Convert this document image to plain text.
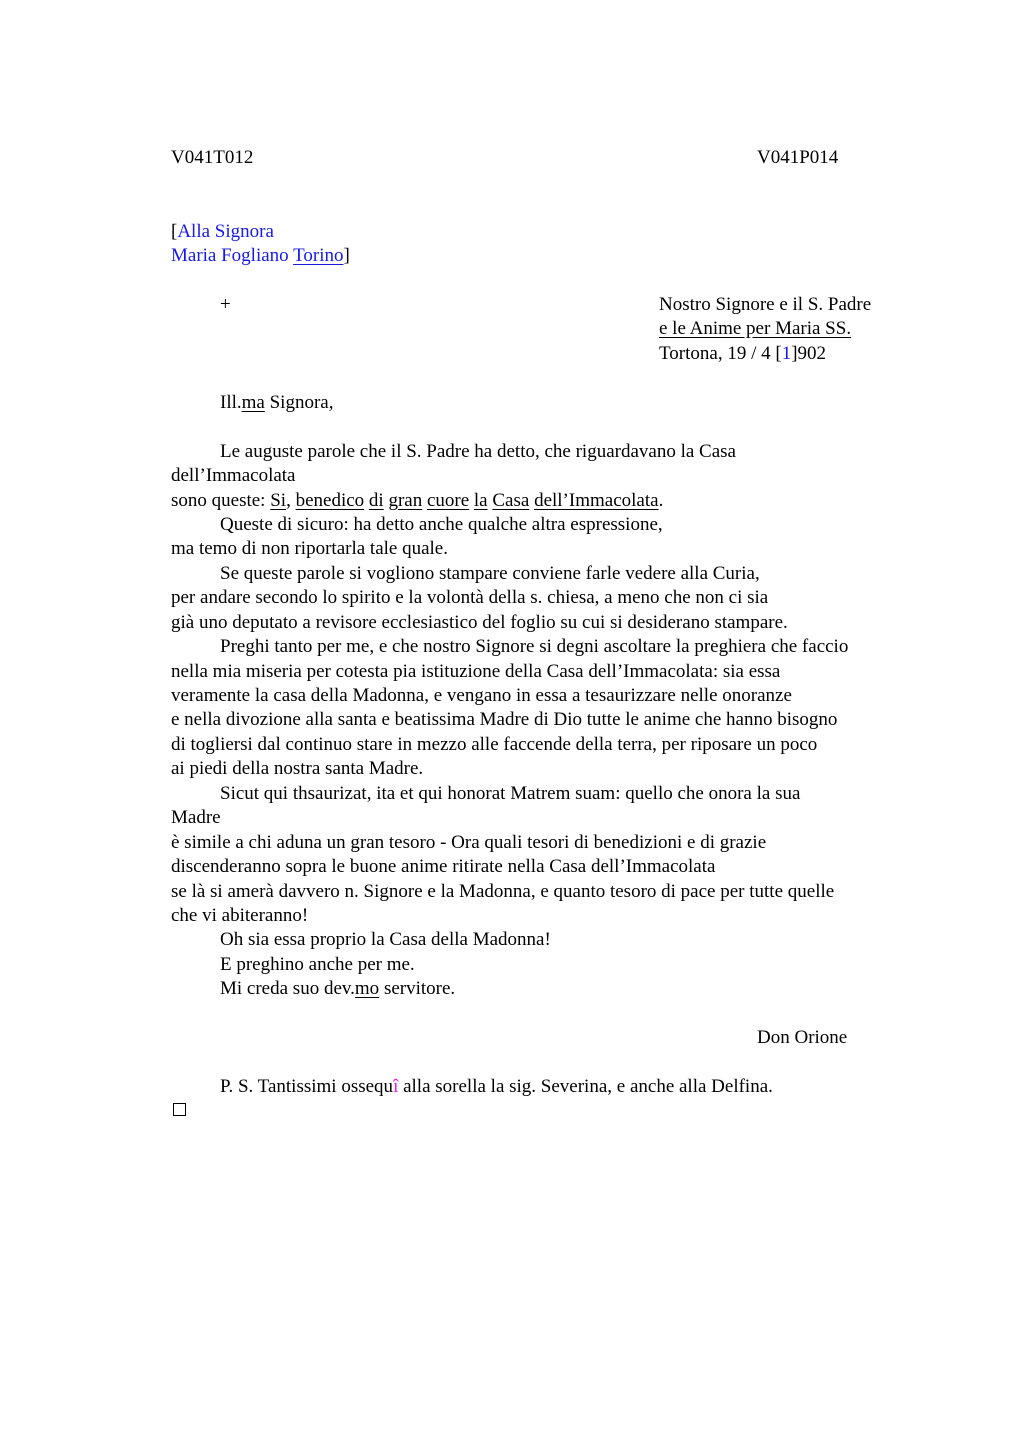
V041T012	V041P014
[Alla Signora
Maria Fogliano Torino]
+	Nostro Signore e il S. Padre
e le Anime per Maria SS.
Tortona, 19 / 4 [1]902
Ill.ma Signora,
Le auguste parole che il S. Padre ha detto, che riguardavano la Casa
dell’Immacolata
sono queste: Si, benedico di gran cuore la Casa dell’Immacolata.
Queste di sicuro: ha detto anche qualche altra espressione,
ma temo di non riportarla tale quale.
Se queste parole si vogliono stampare conviene farle vedere alla Curia,
per andare secondo lo spirito e la volontà della s. chiesa, a meno che non ci sia
già uno deputato a revisore ecclesiastico del foglio su cui si desiderano stampare.
Preghi tanto per me, e che nostro Signore si degni ascoltare la preghiera che faccio
nella mia miseria per cotesta pia istituzione della Casa dell’Immacolata: sia essa
veramente la casa della Madonna, e vengano in essa a tesaurizzare nelle onoranze
e nella divozione alla santa e beatissima Madre di Dio tutte le anime che hanno bisogno
di togliersi dal continuo stare in mezzo alle faccende della terra, per riposare un poco
ai piedi della nostra santa Madre.
Sicut qui thsaurizat, ita et qui honorat Matrem suam: quello che onora la sua
Madre
è simile a chi aduna un gran tesoro - Ora quali tesori di benedizioni e di grazie
discenderanno sopra le buone anime ritirate nella Casa dell’Immacolata
se là si amerà davvero n. Signore e la Madonna, e quanto tesoro di pace per tutte quelle
che vi abiteranno!
Oh sia essa proprio la Casa della Madonna!
E preghino anche per me.
Mi creda suo dev.mo servitore.
Don Orione
P. S. Tantissimi ossequî alla sorella la sig. Severina, e anche alla Delfina.
